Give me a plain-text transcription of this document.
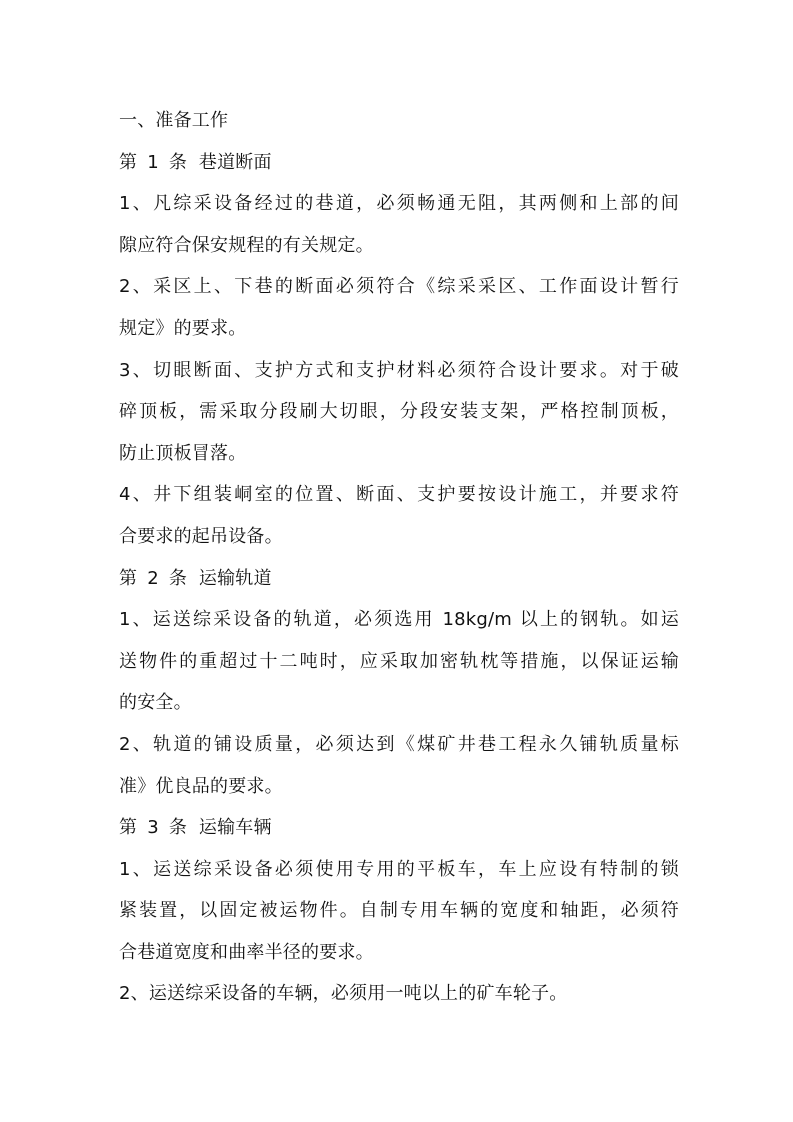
一、准备工作
第 1 条 巷道断面
1、凡综采设备经过的巷道，必须畅通无阻，其两侧和上部的间
隙应符合保安规程的有关规定。
2、采区上、下巷的断面必须符合《综采采区、工作面设计暂行
规定》的要求。
3、切眼断面、支护方式和支护材料必须符合设计要求。对于破
碎顶板，需采取分段刷大切眼，分段安装支架，严格控制顶板，
防止顶板冒落。
4、井下组装峒室的位置、断面、支护要按设计施工，并要求符
合要求的起吊设备。
第 2 条 运输轨道
1、运送综采设备的轨道，必须选用 18kg/m 以上的钢轨。如运
送物件的重超过十二吨时，应采取加密轨枕等措施，以保证运输
的安全。
2、轨道的铺设质量，必须达到《煤矿井巷工程永久铺轨质量标
准》优良品的要求。
第 3 条 运输车辆
1、运送综采设备必须使用专用的平板车，车上应设有特制的锁
紧装置，以固定被运物件。自制专用车辆的宽度和轴距，必须符
合巷道宽度和曲率半径的要求。
2、运送综采设备的车辆，必须用一吨以上的矿车轮子。
